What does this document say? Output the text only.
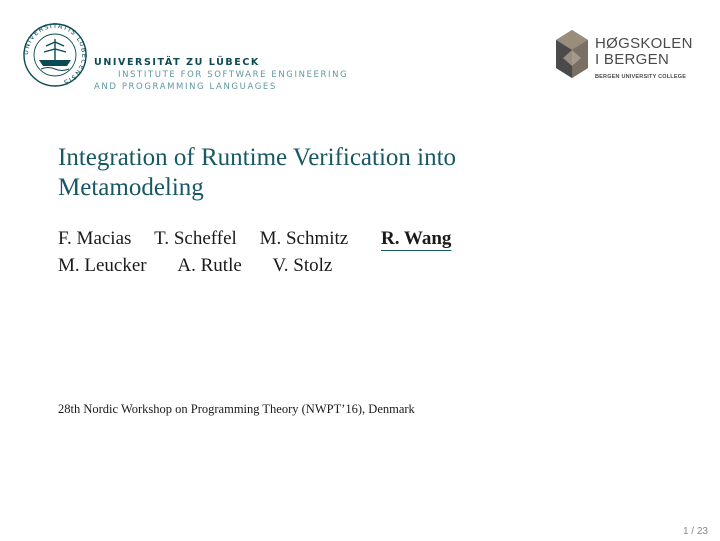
UNIVERSITATIS LUBECENSIS
UNIVERSITÄT ZU LÜBECK
INSTITUTE FOR SOFTWARE ENGINEERING
AND PROGRAMMING LANGUAGES
HØGSKOLEN
I BERGEN
BERGEN UNIVERSITY COLLEGE
Integration of Runtime Verification into
Metamodeling
F. Macias T. Scheffel M. Schmitz R. Wang
M. Leucker A. Rutle V. Stolz
28th Nordic Workshop on Programming Theory (NWPT’16), Denmark
1 / 23
